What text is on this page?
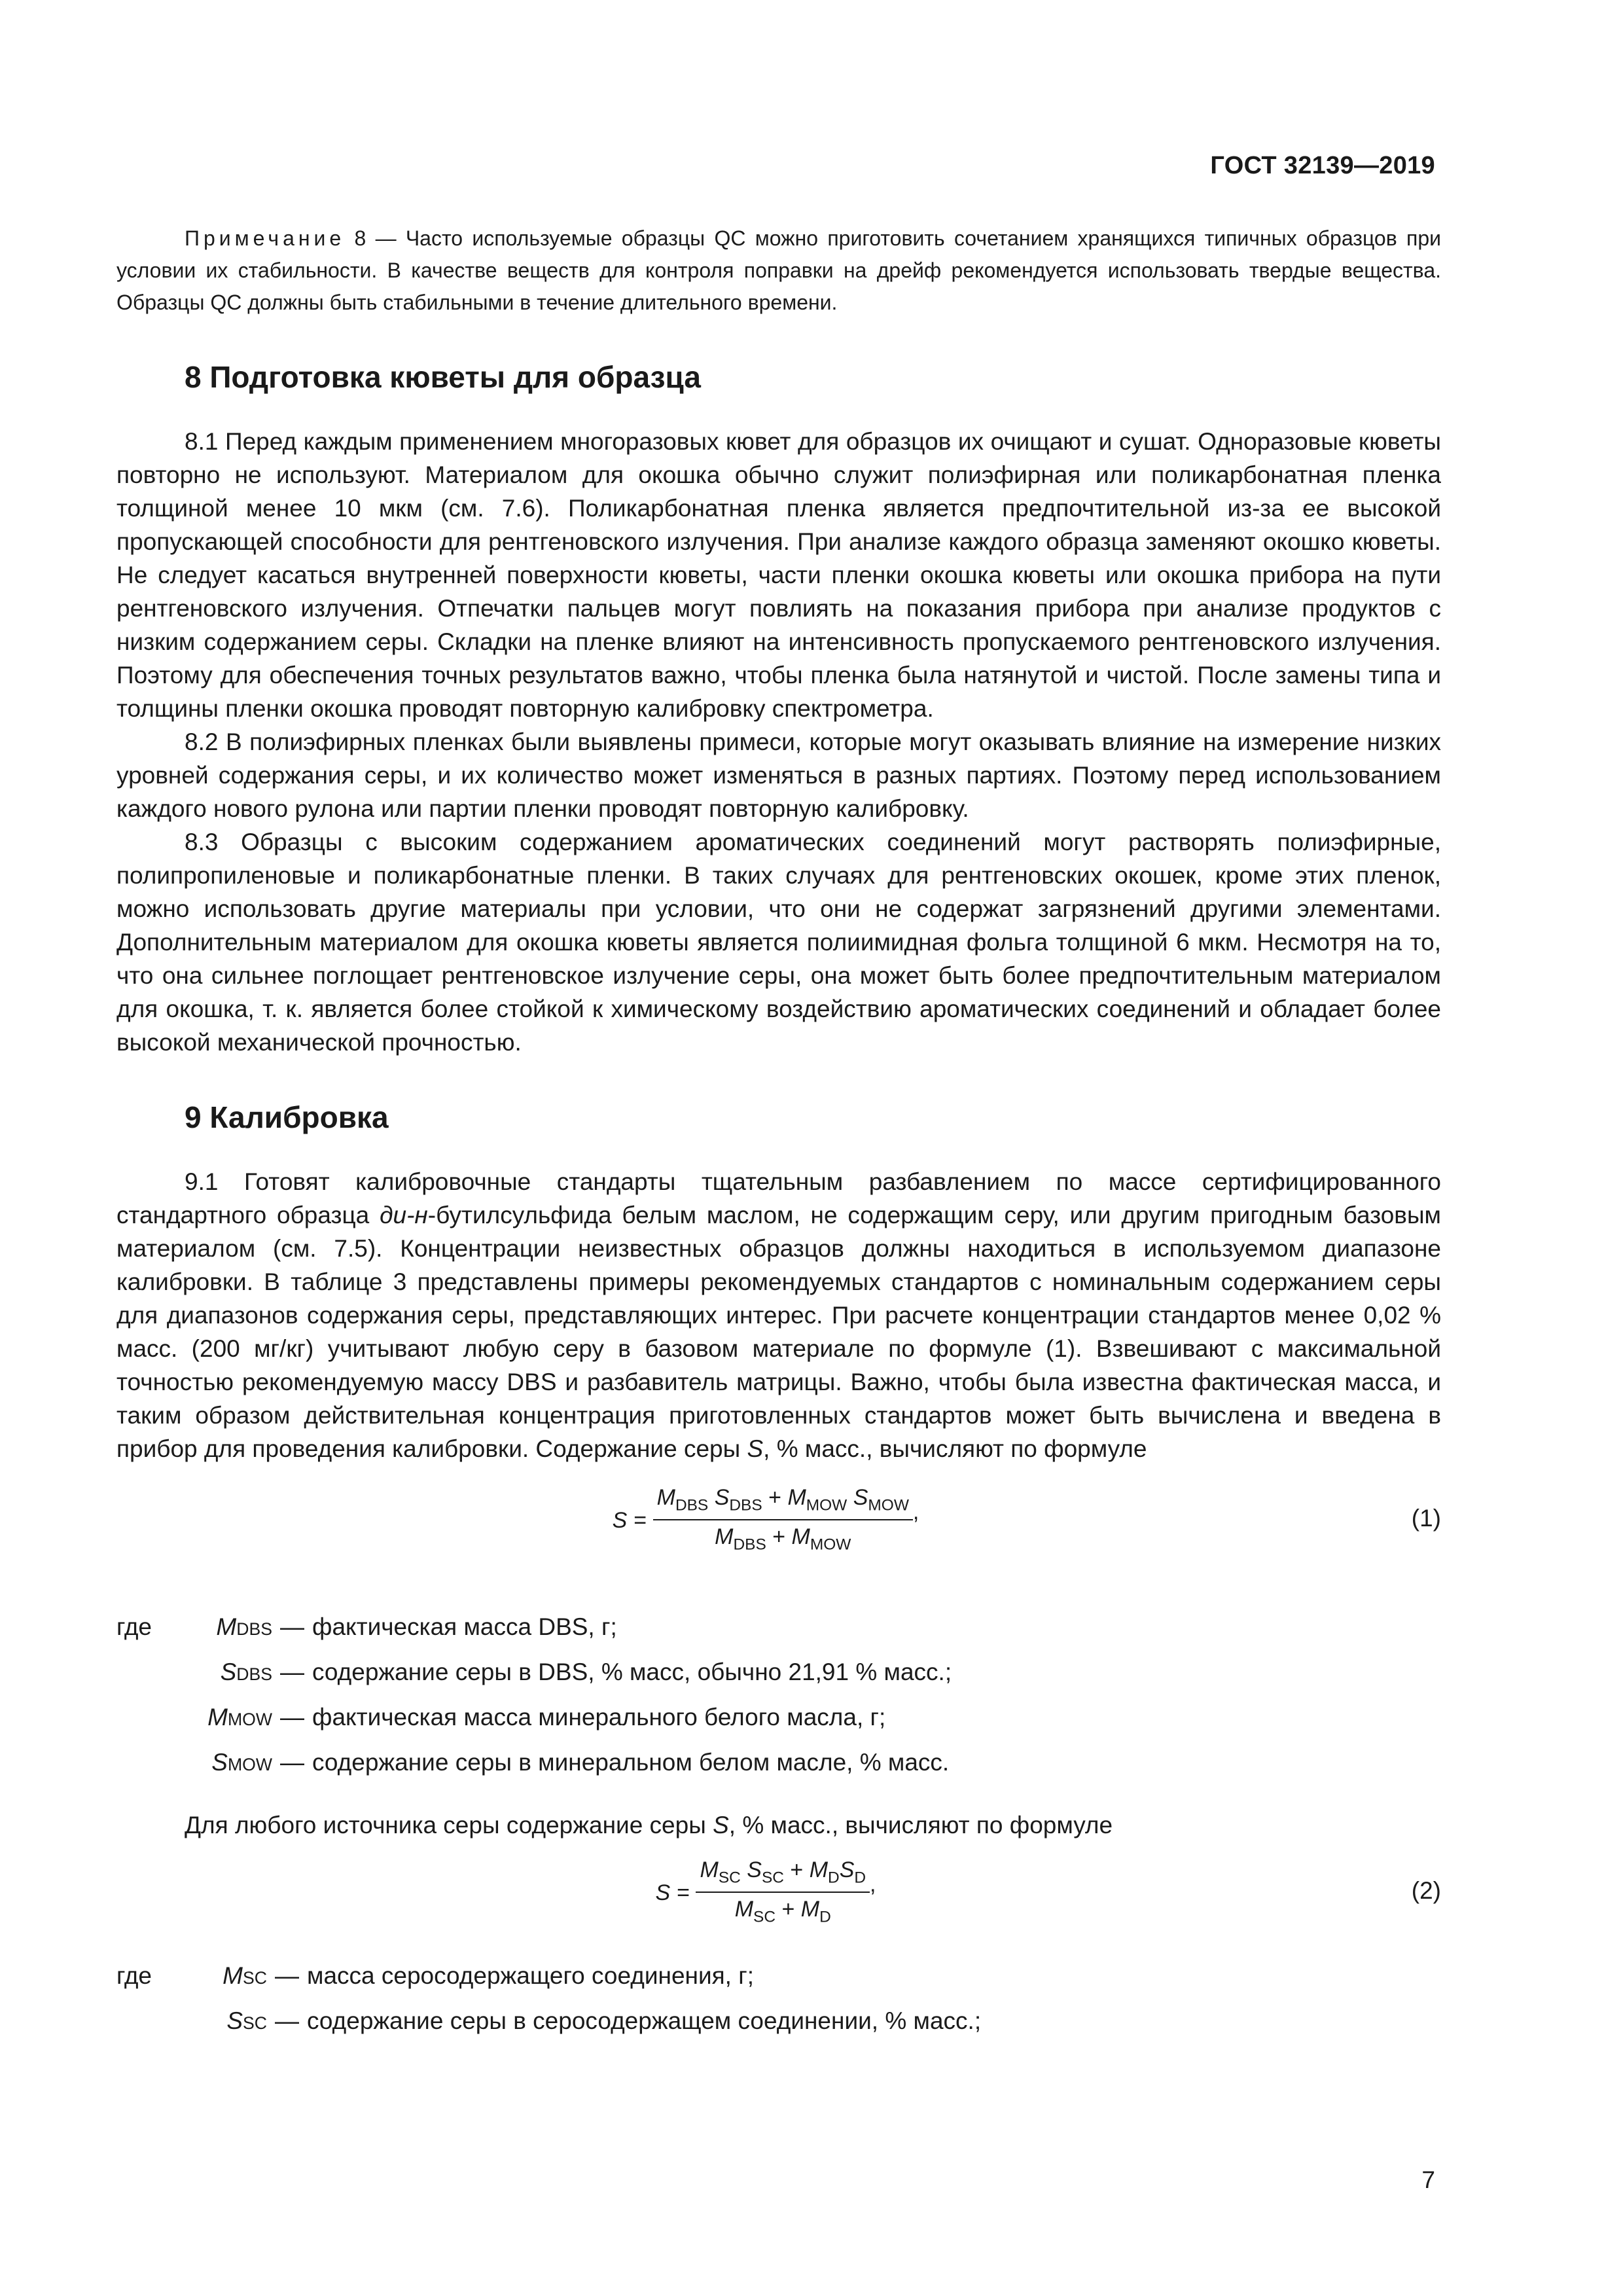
ГОСТ 32139—2019

Примечание 8 — Часто используемые образцы QC можно приготовить сочетанием хранящихся типичных образцов при условии их стабильности. В качестве веществ для контроля поправки на дрейф рекомендуется использовать твердые вещества. Образцы QC должны быть стабильными в течение длительного времени.

8 Подготовка кюветы для образца

8.1 Перед каждым применением многоразовых кювет для образцов их очищают и сушат. Одноразовые кюветы повторно не используют. Материалом для окошка обычно служит полиэфирная или поликарбонатная пленка толщиной менее 10 мкм (см. 7.6). Поликарбонатная пленка является предпочтительной из-за ее высокой пропускающей способности для рентгеновского излучения. При анализе каждого образца заменяют окошко кюветы. Не следует касаться внутренней поверхности кюветы, части пленки окошка кюветы или окошка прибора на пути рентгеновского излучения. Отпечатки пальцев могут повлиять на показания прибора при анализе продуктов с низким содержанием серы. Складки на пленке влияют на интенсивность пропускаемого рентгеновского излучения. Поэтому для обеспечения точных результатов важно, чтобы пленка была натянутой и чистой. После замены типа и толщины пленки окошка проводят повторную калибровку спектрометра.

8.2 В полиэфирных пленках были выявлены примеси, которые могут оказывать влияние на измерение низких уровней содержания серы, и их количество может изменяться в разных партиях. Поэтому перед использованием каждого нового рулона или партии пленки проводят повторную калибровку.

8.3 Образцы с высоким содержанием ароматических соединений могут растворять полиэфирные, полипропиленовые и поликарбонатные пленки. В таких случаях для рентгеновских окошек, кроме этих пленок, можно использовать другие материалы при условии, что они не содержат загрязнений другими элементами. Дополнительным материалом для окошка кюветы является полиимидная фольга толщиной 6 мкм. Несмотря на то, что она сильнее поглощает рентгеновское излучение серы, она может быть более предпочтительным материалом для окошка, т. к. является более стойкой к химическому воздействию ароматических соединений и обладает более высокой механической прочностью.

9 Калибровка

9.1 Готовят калибровочные стандарты тщательным разбавлением по массе сертифицированного стандартного образца ди-н-бутилсульфида белым маслом, не содержащим серу, или другим пригодным базовым материалом (см. 7.5). Концентрации неизвестных образцов должны находиться в используемом диапазоне калибровки. В таблице 3 представлены примеры рекомендуемых стандартов с номинальным содержанием серы для диапазонов содержания серы, представляющих интерес. При расчете концентрации стандартов менее 0,02 % масс. (200 мг/кг) учитывают любую серу в базовом материале по формуле (1). Взвешивают с максимальной точностью рекомендуемую массу DBS и разбавитель матрицы. Важно, чтобы была известна фактическая масса, и таким образом действительная концентрация приготовленных стандартов может быть вычислена и введена в прибор для проведения калибровки. Содержание серы S, % масс., вычисляют по формуле

$S = \frac{M_{DBS} S_{DBS} + M_{MOW} S_{MOW}}{M_{DBS} + M_{MOW}}$ ,	(1)
где	M DBS — фактическая масса DBS, г;
S DBS — содержание серы в DBS, % масс, обычно 21,91 % масс.;
M MOW — фактическая масса минерального белого масла, г;
S MOW — содержание серы в минеральном белом масле, % масс.

Для любого источника серы содержание серы S, % масс., вычисляют по формуле

$S = \frac{M_{SC} S_{SC} + M_DS_D}{M_{SC} + M_D}$ ,	(2)
где	M SC — масса серосодержащего соединения, г;
S SC — содержание серы в серосодержащем соединении, % масс.;
7
